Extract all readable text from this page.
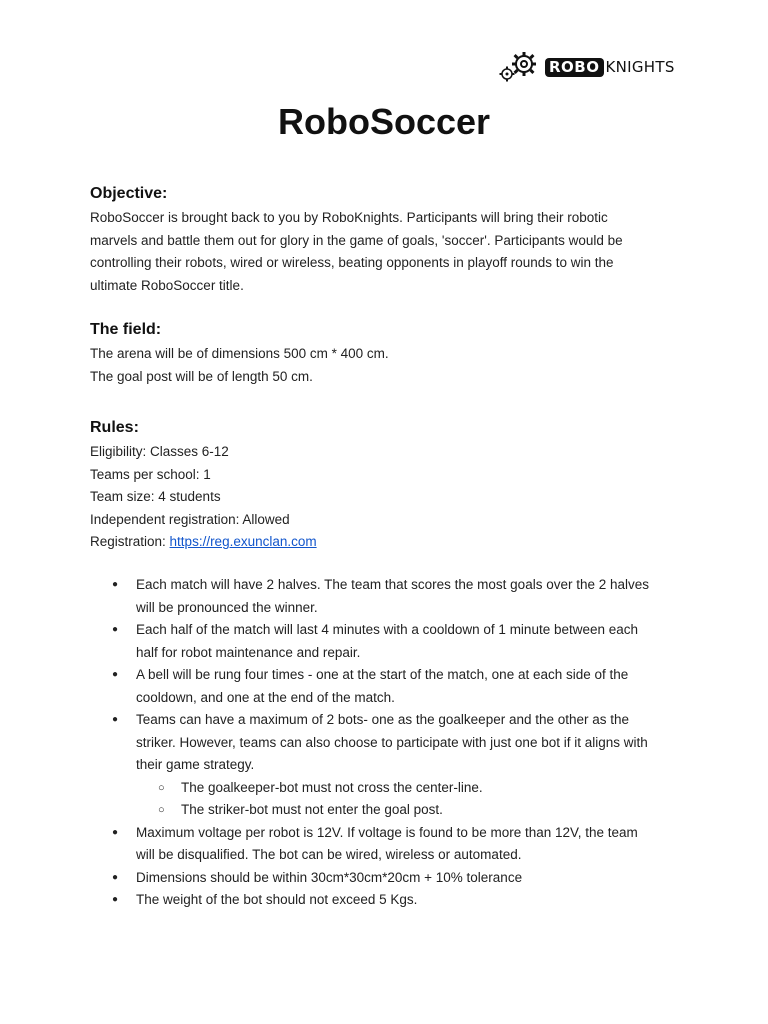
ROBO KNIGHTS
RoboSoccer
Objective:

RoboSoccer is brought back to you by RoboKnights. Participants will bring their robotic
marvels and battle them out for glory in the game of goals, 'soccer'. Participants would be
controlling their robots, wired or wireless, beating opponents in playoff rounds to win the
ultimate RoboSoccer title.

The field:

The arena will be of dimensions 500 cm * 400 cm.
The goal post will be of length 50 cm.

Rules:

Eligibility: Classes 6-12
Teams per school: 1
Team size: 4 students
Independent registration: Allowed
Registration: https://reg.exunclan.com

● Each match will have 2 halves. The team that scores the most goals over the 2 halves
will be pronounced the winner.
● Each half of the match will last 4 minutes with a cooldown of 1 minute between each
half for robot maintenance and repair.
● A bell will be rung four times - one at the start of the match, one at each side of the
cooldown, and one at the end of the match.
● Teams can have a maximum of 2 bots- one as the goalkeeper and the other as the
striker. However, teams can also choose to participate with just one bot if it aligns with
their game strategy.
○ The goalkeeper-bot must not cross the center-line.
○ The striker-bot must not enter the goal post.
● Maximum voltage per robot is 12V. If voltage is found to be more than 12V, the team
will be disqualified. The bot can be wired, wireless or automated.
● Dimensions should be within 30cm*30cm*20cm + 10% tolerance
● The weight of the bot should not exceed 5 Kgs.
